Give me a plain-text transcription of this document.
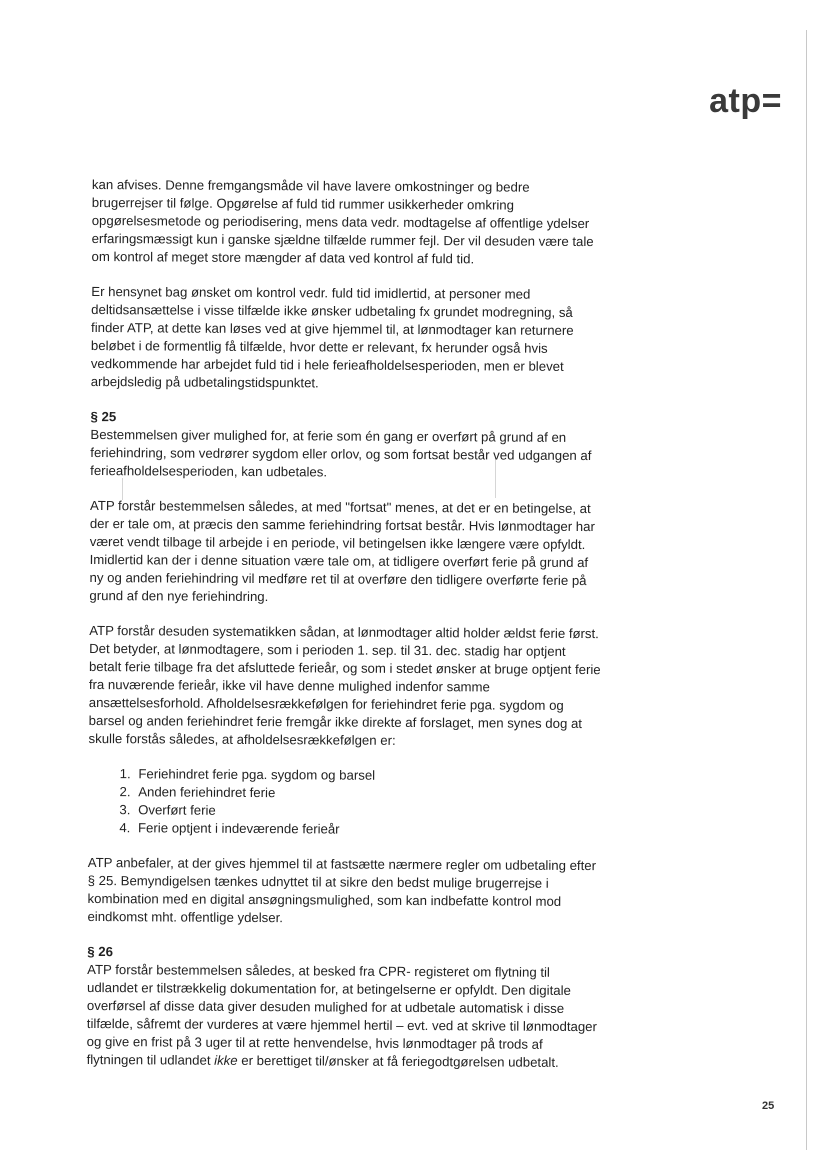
atp=

kan afvises. Denne fremgangsmåde vil have lavere omkostninger og bedre brugerrejser til følge. Opgørelse af fuld tid rummer usikkerheder omkring opgørelsesmetode og periodisering, mens data vedr. modtagelse af offentlige ydelser erfaringsmæssigt kun i ganske sjældne tilfælde rummer fejl. Der vil desuden være tale om kontrol af meget store mængder af data ved kontrol af fuld tid.

Er hensynet bag ønsket om kontrol vedr. fuld tid imidlertid, at personer med deltidsansættelse i visse tilfælde ikke ønsker udbetaling fx grundet modregning, så finder ATP, at dette kan løses ved at give hjemmel til, at lønmodtager kan returnere beløbet i de formentlig få tilfælde, hvor dette er relevant, fx herunder også hvis vedkommende har arbejdet fuld tid i hele ferieafholdelsesperioden, men er blevet arbejdsledig på udbetalingstidspunktet.

§ 25
Bestemmelsen giver mulighed for, at ferie som én gang er overført på grund af en feriehindring, som vedrører sygdom eller orlov, og som fortsat består ved udgangen af ferieafholdelsesperioden, kan udbetales.

ATP forstår bestemmelsen således, at med "fortsat" menes, at det er en betingelse, at der er tale om, at præcis den samme feriehindring fortsat består. Hvis lønmodtager har været vendt tilbage til arbejde i en periode, vil betingelsen ikke længere være opfyldt. Imidlertid kan der i denne situation være tale om, at tidligere overført ferie på grund af ny og anden feriehindring vil medføre ret til at overføre den tidligere overførte ferie på grund af den nye feriehindring.

ATP forstår desuden systematikken sådan, at lønmodtager altid holder ældst ferie først. Det betyder, at lønmodtagere, som i perioden 1. sep. til 31. dec. stadig har optjent betalt ferie tilbage fra det afsluttede ferieår, og som i stedet ønsker at bruge optjent ferie fra nuværende ferieår, ikke vil have denne mulighed indenfor samme ansættelsesforhold. Afholdelsesrækkefølgen for feriehindret ferie pga. sygdom og barsel og anden feriehindret ferie fremgår ikke direkte af forslaget, men synes dog at skulle forstås således, at afholdelsesrækkefølgen er:

1. Feriehindret ferie pga. sygdom og barsel
2. Anden feriehindret ferie
3. Overført ferie
4. Ferie optjent i indeværende ferieår

ATP anbefaler, at der gives hjemmel til at fastsætte nærmere regler om udbetaling efter § 25. Bemyndigelsen tænkes udnyttet til at sikre den bedst mulige brugerrejse i kombination med en digital ansøgningsmulighed, som kan indbefatte kontrol mod eindkomst mht. offentlige ydelser.

§ 26
ATP forstår bestemmelsen således, at besked fra CPR- registeret om flytning til udlandet er tilstrækkelig dokumentation for, at betingelserne er opfyldt. Den digitale overførsel af disse data giver desuden mulighed for at udbetale automatisk i disse tilfælde, såfremt der vurderes at være hjemmel hertil – evt. ved at skrive til lønmodtager og give en frist på 3 uger til at rette henvendelse, hvis lønmodtager på trods af flytningen til udlandet ikke er berettiget til/ønsker at få feriegodtgørelsen udbetalt.
25
